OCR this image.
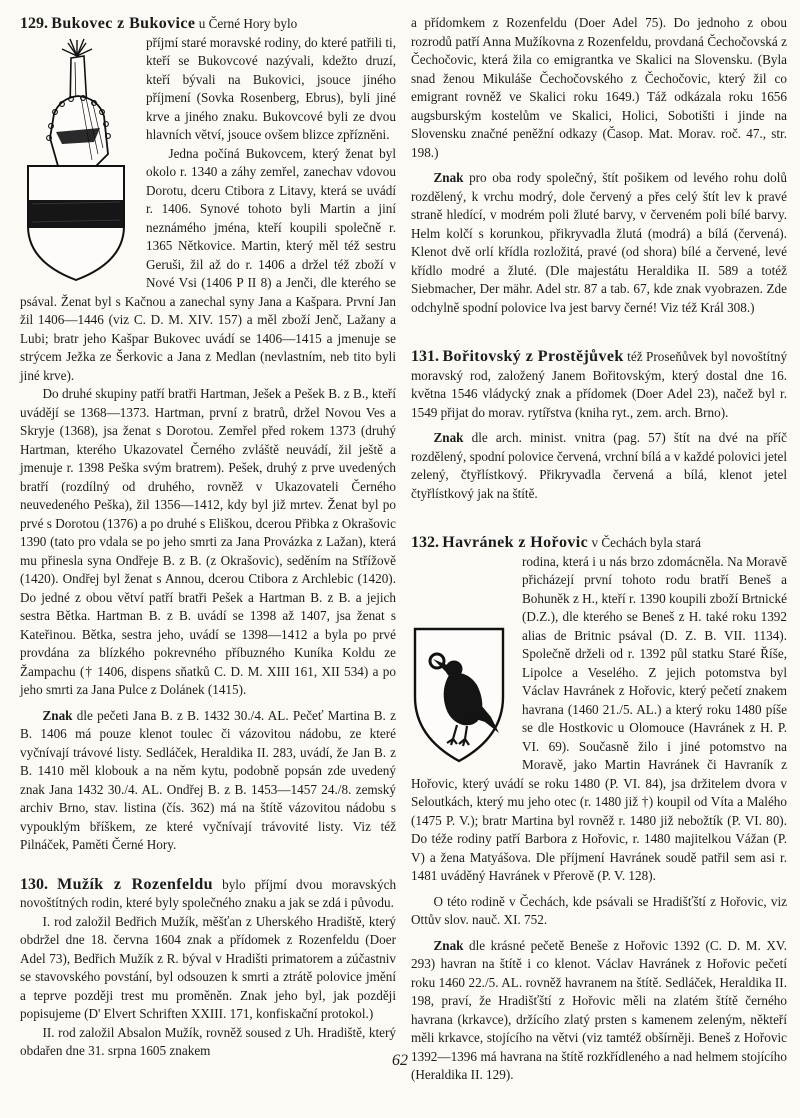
129. Bukovec z Bukovice u Černé Hory bylo

příjmí staré moravské rodiny, do které patřili ti, kteří se Bukovcové nazývali, kdežto druzí, kteří bývali na Bukovici, jsouce jiného příjmení (Sovka Rosenberg, Ebrus), byli jiné krve a jiného znaku. Bukovcové byli ze dvou hlavních větví, jsouce ovšem blizce zpřízněni.

Jedna počíná Bukovcem, který ženat byl okolo r. 1340 a záhy zemřel, zanechav vdovou Dorotu, dceru Ctibora z Litavy, která se uvádí r. 1406. Synové tohoto byli Martin a jiní neznámého jména, kteří koupili společně r. 1365 Nětkovice. Martin, který měl též sestru Geruši, žil až do r. 1406 a držel též zboží v Nové Vsi (1406 P II 8) a Jenči, dle kterého se psával. Ženat byl s Kačnou a zanechal syny Jana a Kašpara. První Jan žil 1406—1446 (viz C. D. M. XIV. 157) a měl zboží Jenč, Lažany a Lubi; bratr jeho Kašpar Bukovec uvádí se 1406—1415 a jmenuje se strýcem Ježka ze Šerkovic a Jana z Medlan (nevlastním, neb tito byli jiné krve).

Do druhé skupiny patří bratři Hartman, Ješek a Pešek B. z B., kteří uvádějí se 1368—1373. Hartman, první z bratrů, držel Novou Ves a Skryje (1368), jsa ženat s Dorotou. Zemřel před rokem 1373 (druhý Hartman, kterého Ukazovatel Černého zvláště neuvádí, žil ještě a jmenuje r. 1398 Peška svým bratrem). Pešek, druhý z prve uvedených bratří (rozdílný od druhého, rovněž v Ukazovateli Černého neuvedeného Peška), žil 1356—1412, kdy byl již mrtev. Ženat byl po prvé s Dorotou (1376) a po druhé s Eliškou, dcerou Přibka z Okrašovic 1390 (tato pro vdala se po jeho smrti za Jana Provázka z Lažan), která mu přinesla syna Ondřeje B. z B. (z Okrašovic), seděním na Střížově (1420). Ondřej byl ženat s Annou, dcerou Ctibora z Archlebic (1420). Do jedné z obou větví patří bratři Pešek a Hartman B. z B. a jejich sestra Bětka. Hartman B. z B. uvádí se 1398 až 1407, jsa ženat s Kateřinou. Bětka, sestra jeho, uvádí se 1398—1412 a byla po prvé provdána za blízkého pokrevného příbuzného Kuníka Koldu ze Žampachu († 1406, dispens sňatků C. D. M. XIII 161, XII 534) a po jeho smrti za Jana Pulce z Dolánek (1415).

Znak dle pečeti Jana B. z B. 1432 30./4. AL. Pečeť Martina B. z B. 1406 má pouze klenot toulec či vázovitou nádobu, ze které vyčnívají trávové listy. Sedláček, Heraldika II. 283, uvádí, že Jan B. z B. 1410 měl klobouk a na něm kytu, podobně popsán zde uvedený znak Jana 1432 30./4. AL. Ondřej B. z B. 1453—1457 24./8. zemský archiv Brno, stav. listina (čís. 362) má na štítě vázovitou nádobu s vypouklým bříškem, ze které vyčnívají trávovité listy. Viz též Pilnáček, Paměti Černé Hory.

130. Mužík z Rozenfeldu bylo příjmí dvou moravských novoštítných rodin, které byly společného znaku a jak se zdá i původu.

I. rod založil Bedřich Mužík, měšťan z Uherského Hradiště, který obdržel dne 18. června 1604 znak a přídomek z Rozenfeldu (Doer Adel 73), Bedřich Mužík z R. býval v Hradišti primatorem a zúčastniv se stavovského povstání, byl odsouzen k smrti a ztrátě polovice jmění a teprve později trest mu proměněn. Znak jeho byl, jak později popisujeme (D' Elvert Schriften XXIII. 171, konfiskační protokol.)

II. rod založil Absalon Mužík, rovněž soused z Uh. Hradiště, který obdařen dne 31. srpna 1605 znakem

a přídomkem z Rozenfeldu (Doer Adel 75). Do jednoho z obou rozrodů patří Anna Mužíkovna z Rozenfeldu, provdaná Čechočovská z Čechočovic, která žila co emigrantka ve Skalici na Slovensku. (Byla snad ženou Mikuláše Čechočovského z Čechočovic, který žil co emigrant rovněž ve Skalici roku 1649.) Táž odkázala roku 1656 augsburským kostelům ve Skalici, Holici, Sobotišti i jinde na Slovensku značné peněžní odkazy (Časop. Mat. Morav. roč. 47., str. 198.)

Znak pro oba rody společný, štít pošikem od levého rohu dolů rozdělený, k vrchu modrý, dole červený a přes celý štít lev k pravé straně hledící, v modrém poli žluté barvy, v červeném poli bílé barvy. Helm kolčí s korunkou, přikryvadla žlutá (modrá) a bílá (červená). Klenot dvě orlí křídla rozložitá, pravé (od shora) bílé a červené, levé křídlo modré a žluté. (Dle majestátu Heraldika II. 589 a totéž Siebmacher, Der mähr. Adel str. 87 a tab. 67, kde znak vyobrazen. Zde odchylně spodní polovice lva jest barvy černé! Viz též Král 308.)

131. Bořitovský z Prostějůvek též Proseňůvek byl novoštítný moravský rod, založený Janem Bořitovským, který dostal dne 16. května 1546 vládycký znak a přídomek (Doer Adel 23), načež byl r. 1549 přijat do morav. rytířstva (kniha ryt., zem. arch. Brno).

Znak dle arch. minist. vnitra (pag. 57) štít na dvé na příč rozdělený, spodní polovice červená, vrchní bílá a v každé polovici jetel zelený, čtyřlístkový. Přikryvadla červená a bílá, klenot jetel čtyřlístkový jak na štítě.

132. Havránek z Hořovic v Čechách byla stará

rodina, která i u nás brzo zdomácněla. Na Moravě přicházejí první tohoto rodu bratří Beneš a Bohuněk z H., kteří r. 1390 koupili zboží Brtnické (D.Z.), dle kterého se Beneš z H. také roku 1392 alias de Britnic psával (D. Z. B. VII. 1134). Společně drželi od r. 1392 půl statku Staré Říše, Lipolce a Veselého. Z jejich potomstva byl Václav Havránek z Hořovic, který pečetí znakem havrana (1460 21./5. AL.) a který roku 1480 píše se dle Hostkovic u Olomouce (Havránek z H. P. VI. 69). Současně žilo i jiné potomstvo na Moravě, jako Martin Havránek či Havraník z Hořovic, který uvádí se roku 1480 (P. VI. 84), jsa držitelem dvora v Seloutkách, který mu jeho otec (r. 1480 již †) koupil od Víta a Malého (1475 P. V.); bratr Martina byl rovněž r. 1480 již nebožtík (P. VI. 80). Do téže rodiny patří Barbora z Hořovic, r. 1480 majitelkou Vážan (P. V) a žena Matyášova. Dle příjmení Havránek soudě patřil sem asi r. 1481 uváděný Havránek v Přerově (P. V. 128).

O této rodině v Čechách, kde psávali se Hradišťští z Hořovic, viz Ottův slov. nauč. XI. 752.

Znak dle krásné pečetě Beneše z Hořovic 1392 (C. D. M. XV. 293) havran na štítě i co klenot. Václav Havránek z Hořovic pečetí roku 1460 22./5. AL. rovněž havranem na štítě. Sedláček, Heraldika II. 198, praví, že Hradišťští z Hořovic měli na zlatém štítě černého havrana (krkavce), držícího zlatý prsten s kamenem zeleným, někteří měli krkavce, stojícího na větvi (viz tamtéž obšírněji. Beneš z Hořovic 1392—1396 má havrana na štítě rozkřídleného a nad helmem stojícího (Heraldika II. 129).

62
